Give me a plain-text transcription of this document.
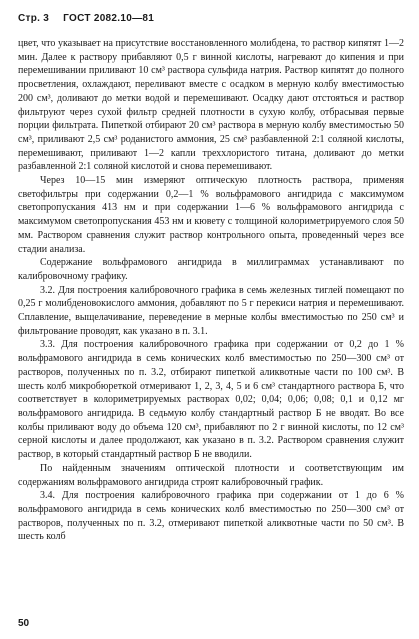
Стр. 3 ГОСТ 2082.10—81

цвет, что указывает на присутствие восстановленного молибдена, то раствор кипятят 1—2 мин. Далее к раствору прибавляют 0,5 г винной кислоты, нагревают до кипения и при перемешивании приливают 10 см³ раствора сульфида натрия. Раствор кипятят до полного просветления, охлаждают, переливают вместе с осадком в мерную колбу вместимостью 200 см³, доливают до метки водой и перемешивают. Осадку дают отстояться и раствор фильтруют через сухой фильтр средней плотности в сухую колбу, отбрасывая первые порции фильтрата. Пипеткой отбирают 20 см³ раствора в мерную колбу вместимостью 50 см³, приливают 2,5 см³ роданистого аммония, 25 см³ разбавленной 2:1 соляной кислоты, перемешивают, приливают 1—2 капли треххлористого титана, доливают до метки разбавленной 2:1 соляной кислотой и снова перемешивают.

Через 10—15 мин измеряют оптическую плотность раствора, применяя светофильтры при содержании 0,2—1 % вольфрамового ангидрида с максимумом светопропускания 413 нм и при содержании 1—6 % вольфрамового ангидрида с максимумом светопропускания 453 нм и кювету с толщиной колориметрируемого слоя 50 мм. Раствором сравнения служит раствор контрольного опыта, проведенный через все стадии анализа.

Содержание вольфрамового ангидрида в миллиграммах устанавливают по калибровочному графику.

3.2. Для построения калибровочного графика в семь железных тиглей помещают по 0,25 г молибденовокислого аммония, добавляют по 5 г перекиси натрия и перемешивают. Сплавление, выщелачивание, переведение в мерные колбы вместимостью по 250 см³ и фильтрование проводят, как указано в п. 3.1.

3.3. Для построения калибровочного графика при содержании от 0,2 до 1 % вольфрамового ангидрида в семь конических колб вместимостью по 250—300 см³ от растворов, полученных по п. 3.2, отбирают пипеткой аликвотные части по 100 см³. В шесть колб микробюреткой отмеривают 1, 2, 3, 4, 5 и 6 см³ стандартного раствора Б, что соответствует в колориметрируемых растворах 0,02; 0,04; 0,06; 0,08; 0,1 и 0,12 мг вольфрамового ангидрида. В седьмую колбу стандартный раствор Б не вводят. Во все колбы приливают воду до объема 120 см³, прибавляют по 2 г винной кислоты, по 12 см³ серной кислоты и далее продолжают, как указано в п. 3.2. Раствором сравнения служит раствор, в который стандартный раствор Б не вводили.

По найденным значениям оптической плотности и соответствующим им содержаниям вольфрамового ангидрида строят калибровочный график.

3.4. Для построения калибровочного графика при содержании от 1 до 6 % вольфрамового ангидрида в семь конических колб вместимостью по 250—300 см³ от растворов, полученных по п. 3.2, отмеривают пипеткой аликвотные части по 50 см³. В шесть колб

50
